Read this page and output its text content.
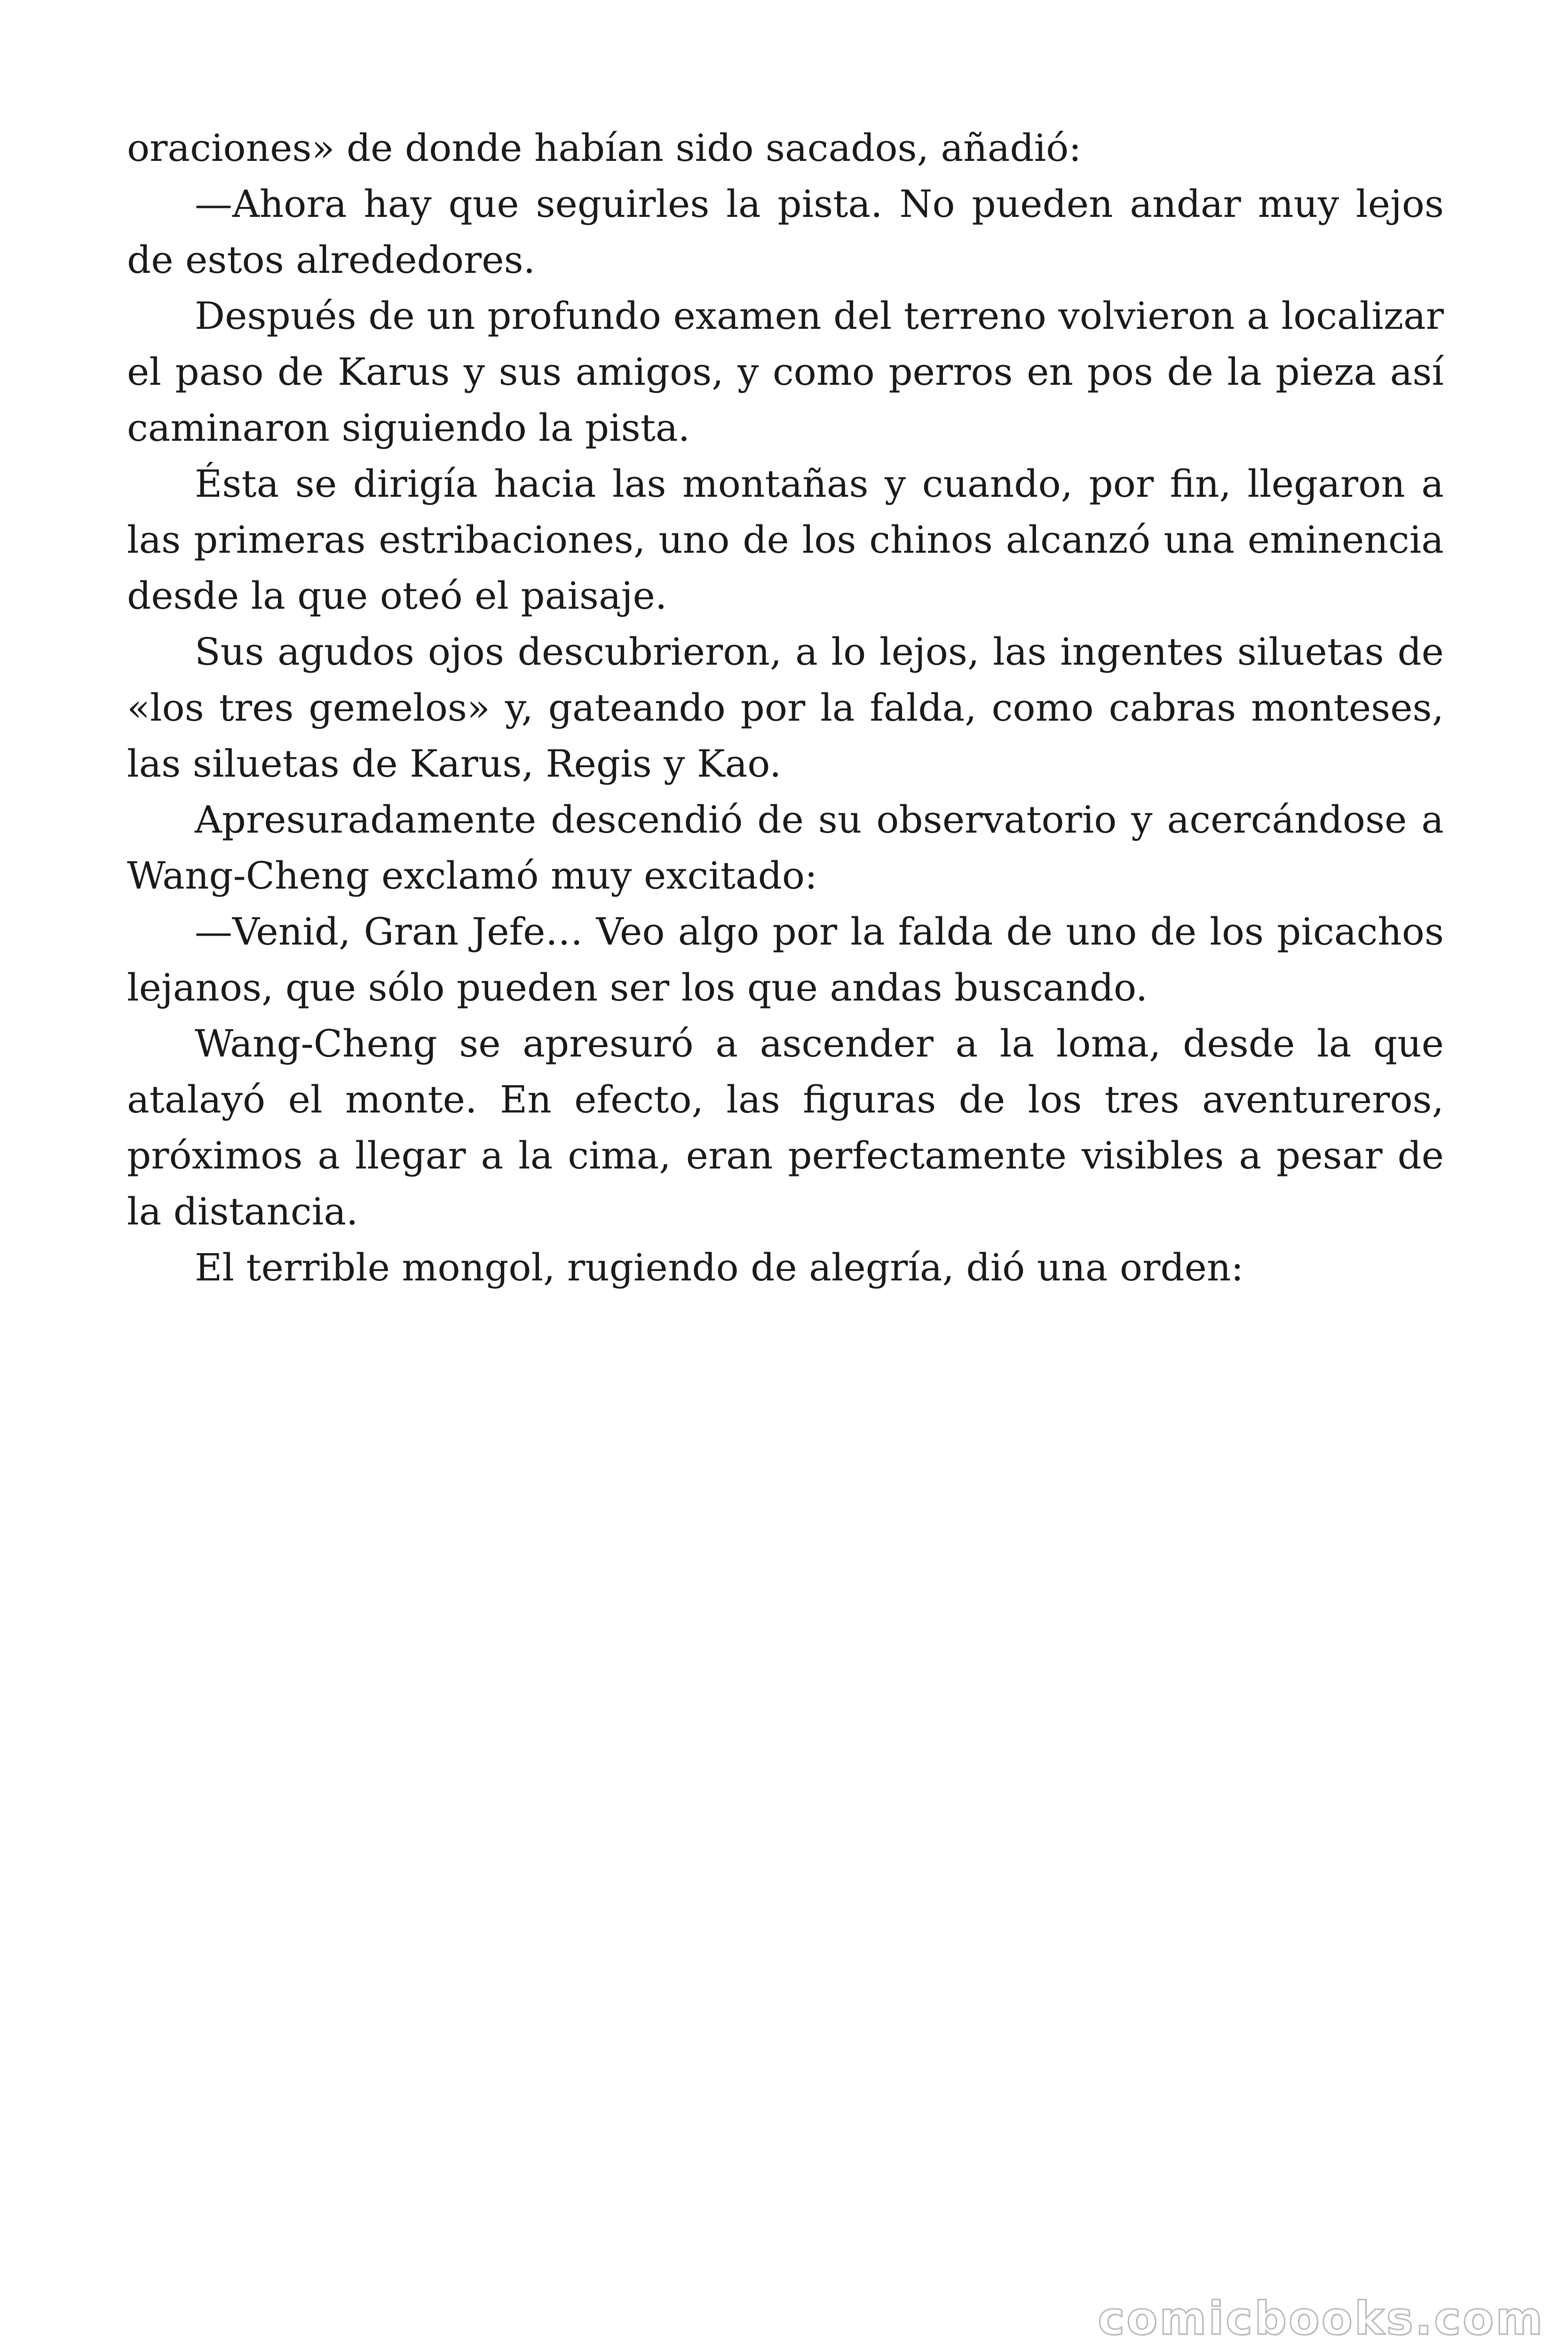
oraciones» de donde habían sido sacados, añadió:

—Ahora hay que seguirles la pista. No pueden andar muy lejos de estos alrededores.

Después de un profundo examen del terreno volvieron a localizar el paso de Karus y sus amigos, y como perros en pos de la pieza así caminaron siguiendo la pista.

Ésta se dirigía hacia las montañas y cuando, por fin, llegaron a las primeras estribaciones, uno de los chinos alcanzó una eminencia desde la que oteó el paisaje.

Sus agudos ojos descubrieron, a lo lejos, las ingentes siluetas de «los tres gemelos» y, gateando por la falda, como cabras monteses, las siluetas de Karus, Regis y Kao.

Apresuradamente descendió de su observatorio y acercándose a Wang-Cheng exclamó muy excitado:

—Venid, Gran Jefe… Veo algo por la falda de uno de los picachos lejanos, que sólo pueden ser los que andas buscando.

Wang-Cheng se apresuró a ascender a la loma, desde la que atalayó el monte. En efecto, las figuras de los tres aventureros, próximos a llegar a la cima, eran perfectamente visibles a pesar de la distancia.

El terrible mongol, rugiendo de alegría, dió una orden:

comicbooks.com
